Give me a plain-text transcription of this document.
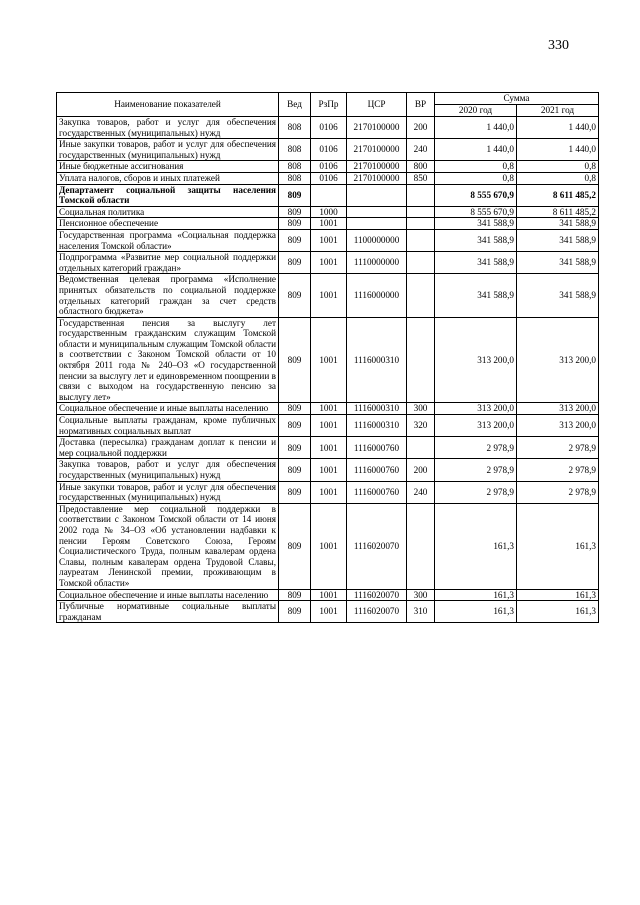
330
Наименование показателей	Вед	РзПр	ЦСР	ВР	Сумма	
					2020 год	2021 год
Закупка товаров, работ и услуг для обеспечения государственных (муниципальных) нужд	808	0106	2170100000	200	1 440,0	1 440,0
Иные закупки товаров, работ и услуг для обеспечения государственных (муниципальных) нужд	808	0106	2170100000	240	1 440,0	1 440,0
Иные бюджетные ассигнования	808	0106	2170100000	800	0,8	0,8
Уплата налогов, сборов и иных платежей	808	0106	2170100000	850	0,8	0,8
Департамент социальной защиты населения Томской области	809				8 555 670,9	8 611 485,2
Социальная политика	809	1000			8 555 670,9	8 611 485,2
Пенсионное обеспечение	809	1001			341 588,9	341 588,9
Государственная программа «Социальная поддержка населения Томской области»	809	1001	1100000000		341 588,9	341 588,9
Подпрограмма «Развитие мер социальной поддержки отдельных категорий граждан»	809	1001	1110000000		341 588,9	341 588,9
Ведомственная целевая программа «Исполнение принятых обязательств по социальной поддержке отдельных категорий граждан за счет средств областного бюджета»	809	1001	1116000000		341 588,9	341 588,9
Государственная пенсия за выслугу лет государственным гражданским служащим Томской области и муниципальным служащим Томской области в соответствии с Законом Томской области от 10 октября 2011 года № 240–ОЗ «О государственной пенсии за выслугу лет и единовременном поощрении в связи с выходом на государственную пенсию за выслугу лет»	809	1001	1116000310		313 200,0	313 200,0
Социальное обеспечение и иные выплаты населению	809	1001	1116000310	300	313 200,0	313 200,0
Социальные выплаты гражданам, кроме публичных нормативных социальных выплат	809	1001	1116000310	320	313 200,0	313 200,0
Доставка (пересылка) гражданам доплат к пенсии и мер социальной поддержки	809	1001	1116000760		2 978,9	2 978,9
Закупка товаров, работ и услуг для обеспечения государственных (муниципальных) нужд	809	1001	1116000760	200	2 978,9	2 978,9
Иные закупки товаров, работ и услуг для обеспечения государственных (муниципальных) нужд	809	1001	1116000760	240	2 978,9	2 978,9
Предоставление мер социальной поддержки в соответствии с Законом Томской области от 14 июня 2002 года № 34–ОЗ «Об установлении надбавки к пенсии Героям Советского Союза, Героям Социалистического Труда, полным кавалерам ордена Славы, полным кавалерам ордена Трудовой Славы, лауреатам Ленинской премии, проживающим в Томской области»	809	1001	1116020070		161,3	161,3
Социальное обеспечение и иные выплаты населению	809	1001	1116020070	300	161,3	161,3
Публичные нормативные социальные выплаты гражданам	809	1001	1116020070	310	161,3	161,3
